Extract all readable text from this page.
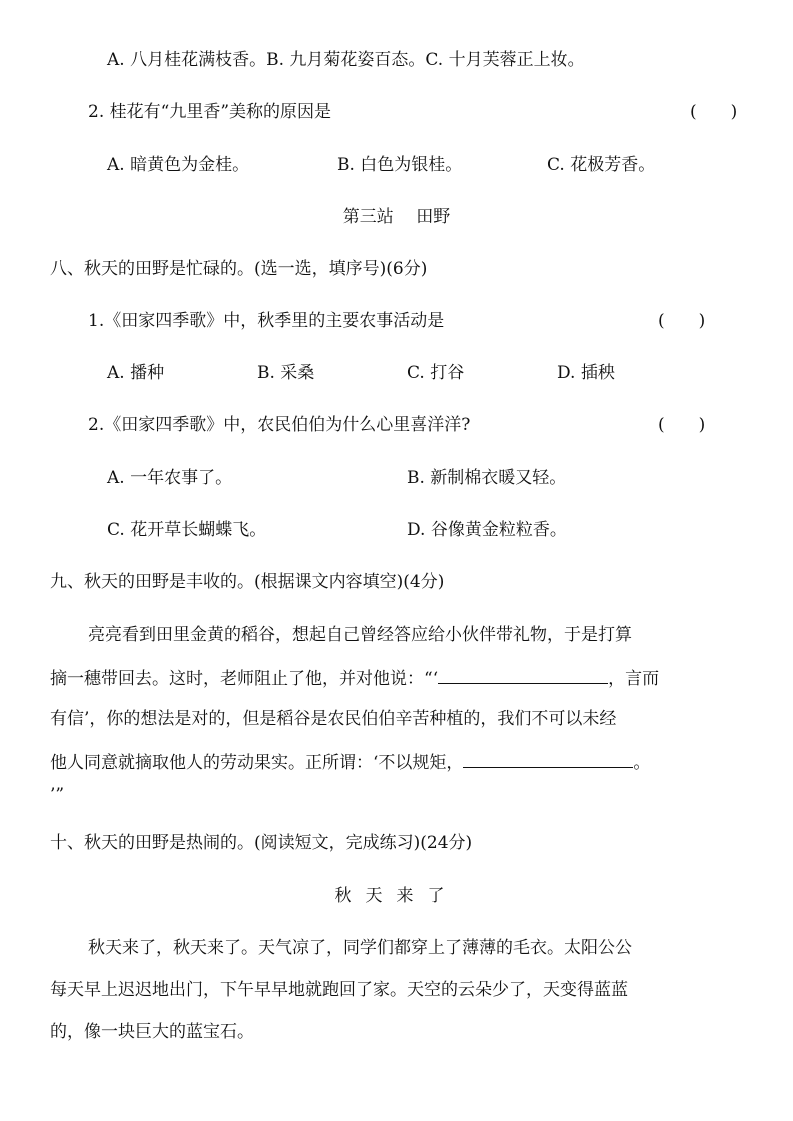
A. 八月桂花满枝香。B. 九月菊花姿百态。C. 十月芙蓉正上妆。
2. 桂花有“九里香”美称的原因是	(　　)
A. 暗黄色为金桂。	B. 白色为银桂。	C. 花极芳香。
第三站　 田野
八、秋天的田野是忙碌的。(选一选，填序号)(6分)
1.《田家四季歌》中，秋季里的主要农事活动是	(　　)
A. 播种	B. 采桑	C. 打谷	D. 插秧
2.《田家四季歌》中，农民伯伯为什么心里喜洋洋?	(　　)
A. 一年农事了。	B. 新制棉衣暖又轻。
C. 花开草长蝴蝶飞。	D. 谷像黄金粒粒香。
九、秋天的田野是丰收的。(根据课文内容填空)(4分)
亮亮看到田里金黄的稻谷，想起自己曾经答应给小伙伴带礼物，于是打算
摘一穗带回去。这时，老师阻止了他，并对他说：“‘	，言而
有信’，你的想法是对的，但是稻谷是农民伯伯辛苦种植的，我们不可以未经
他人同意就摘取他人的劳动果实。正所谓：‘不以规矩，	。
’”
十、秋天的田野是热闹的。(阅读短文，完成练习)(24分)
秋天来了
秋天来了，秋天来了。天气凉了，同学们都穿上了薄薄的毛衣。太阳公公
每天早上迟迟地出门，下午早早地就跑回了家。天空的云朵少了，天变得蓝蓝
的，像一块巨大的蓝宝石。
